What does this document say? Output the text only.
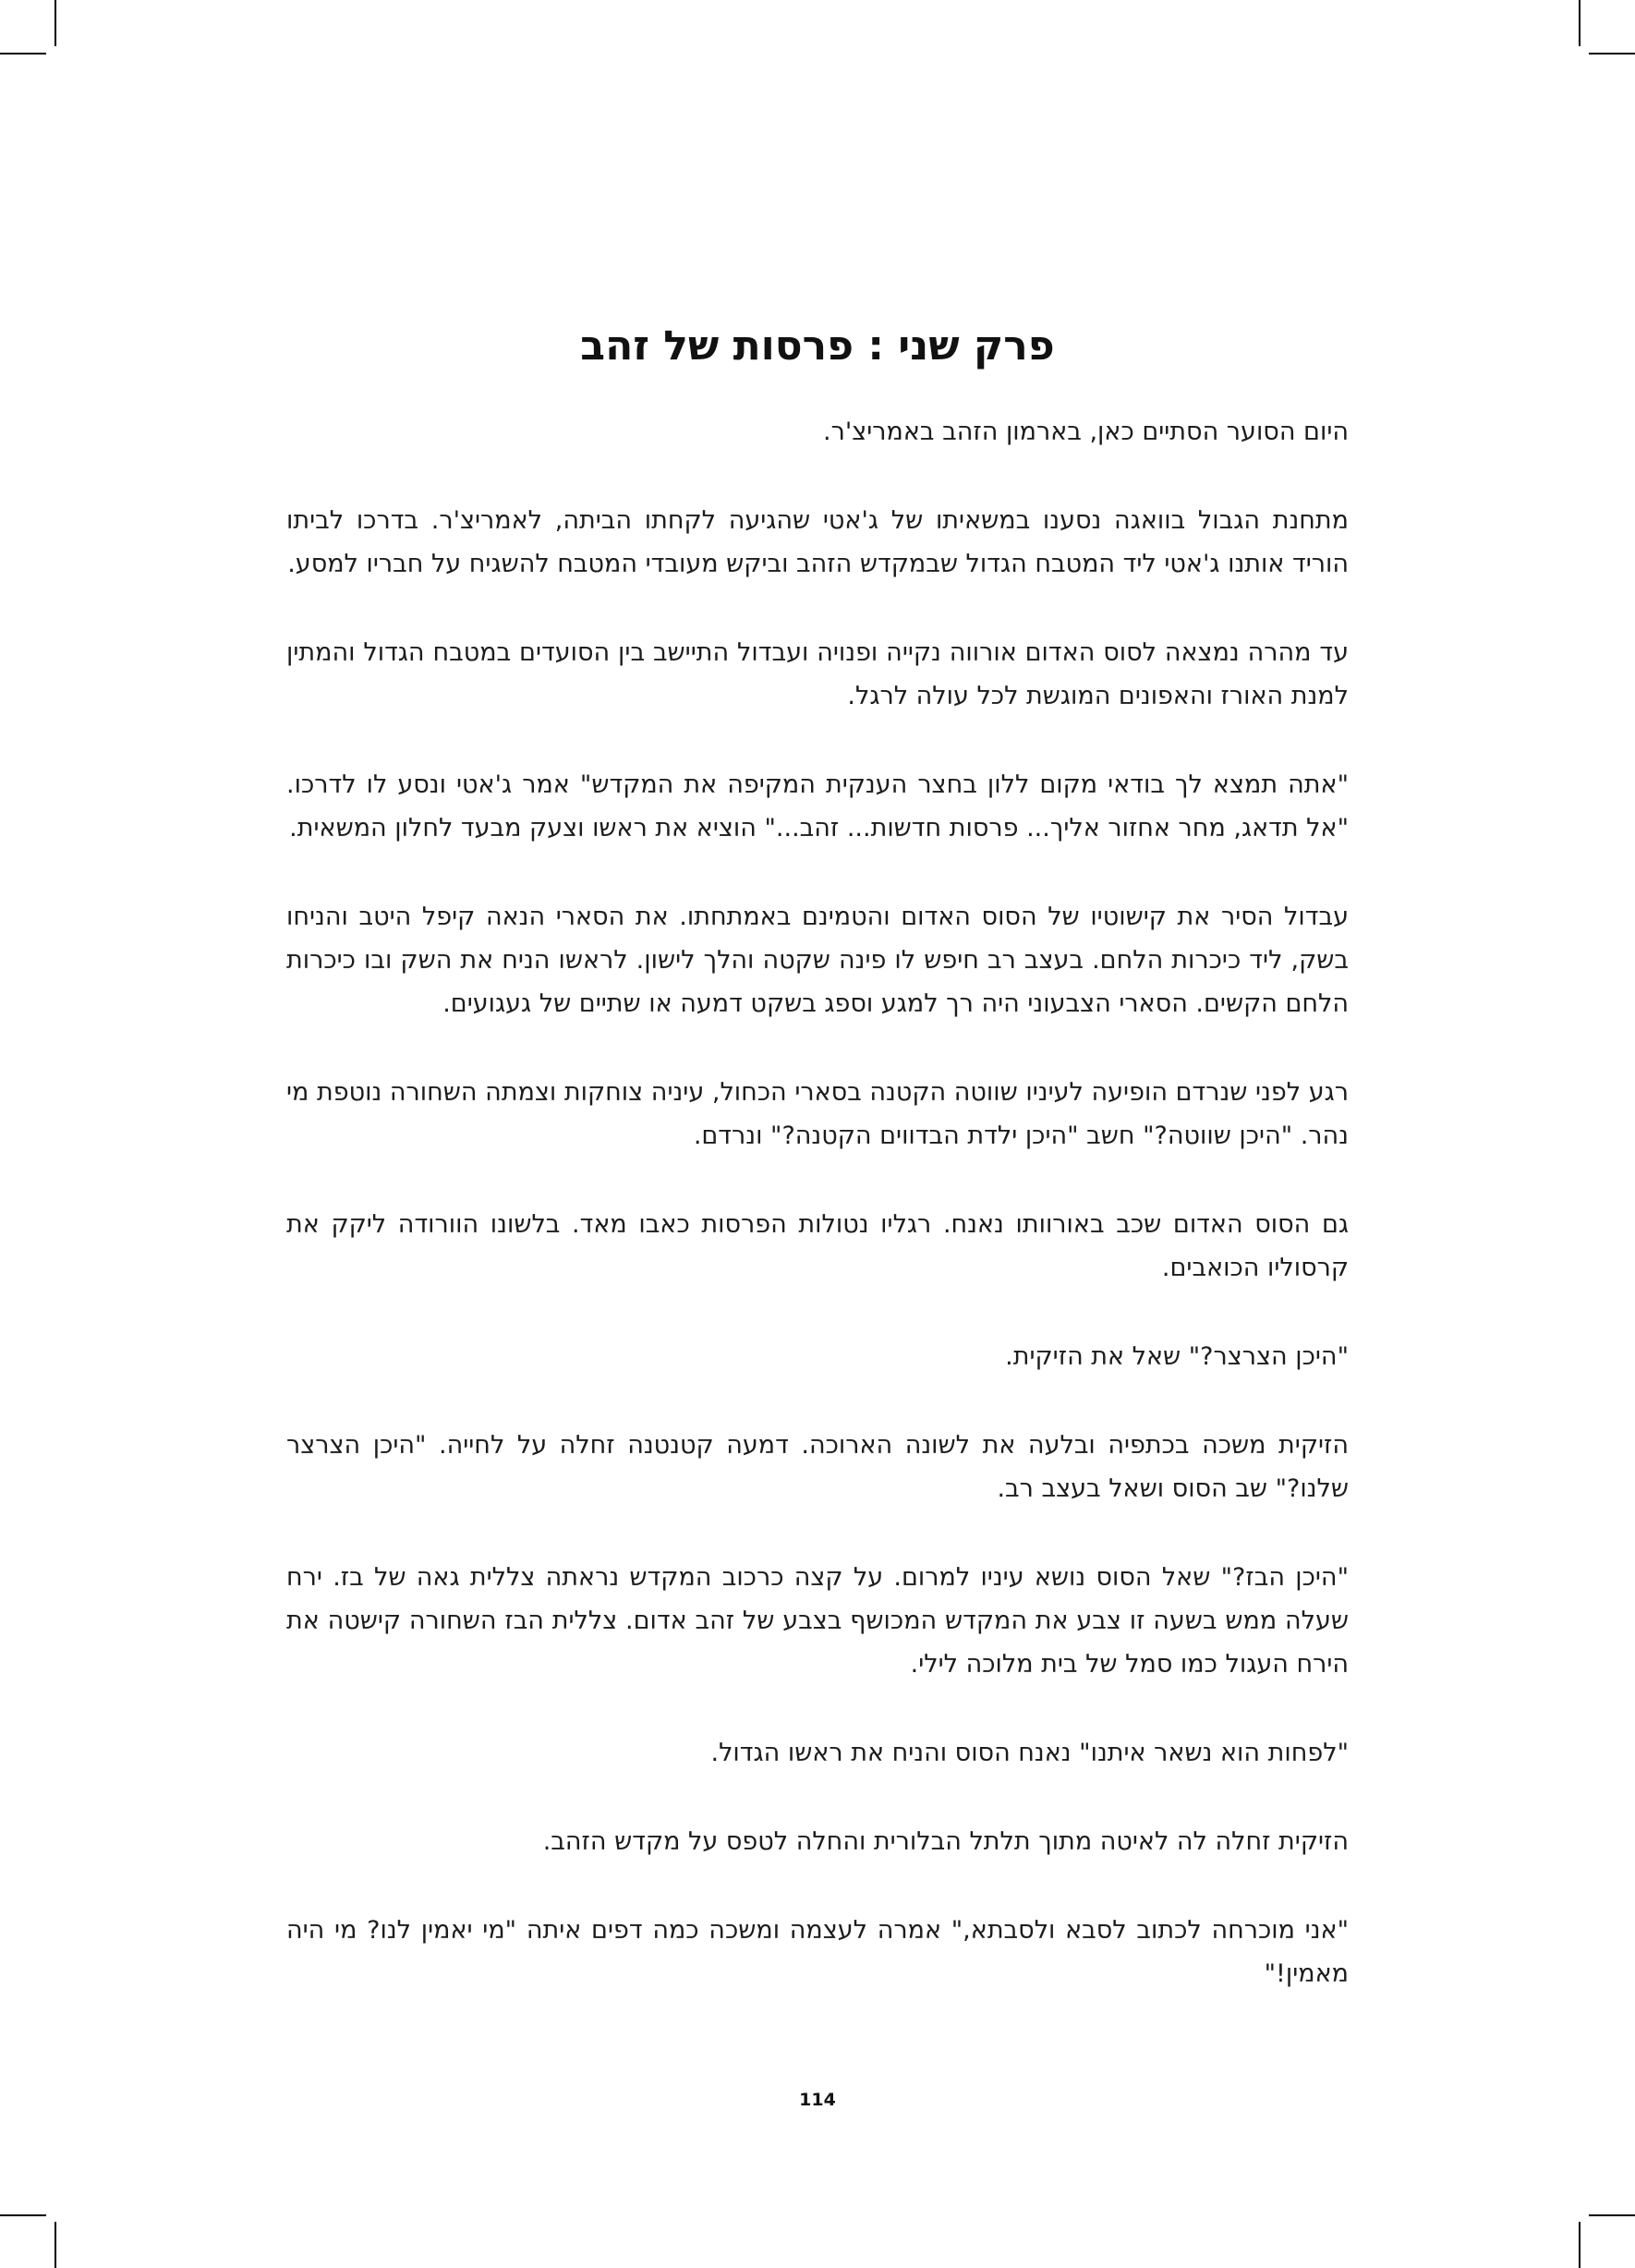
פרק שני : פרסות של זהב

היום הסוער הסתיים כאן, בארמון הזהב באמריצ'ר.

מתחנת הגבול בוואגה נסענו במשאיתו של ג'אטי שהגיעה לקחתו הביתה, לאמריצ'ר. בדרכו לביתו הוריד אותנו ג'אטי ליד המטבח הגדול שבמקדש הזהב וביקש מעובדי המטבח להשגיח על חבריו למסע.

עד מהרה נמצאה לסוס האדום אורווה נקייה ופנויה ועבדול התיישב בין הסועדים במטבח הגדול והמתין למנת האורז והאפונים המוגשת לכל עולה לרגל.

"אתה תמצא לך בודאי מקום ללון בחצר הענקית המקיפה את המקדש" אמר ג'אטי ונסע לו לדרכו. "אל תדאג, מחר אחזור אליך... פרסות חדשות... זהב..." הוציא את ראשו וצעק מבעד לחלון המשאית.

עבדול הסיר את קישוטיו של הסוס האדום והטמינם באמתחתו. את הסארי הנאה קיפל היטב והניחו בשק, ליד כיכרות הלחם. בעצב רב חיפש לו פינה שקטה והלך לישון. לראשו הניח את השק ובו כיכרות הלחם הקשים. הסארי הצבעוני היה רך למגע וספג בשקט דמעה או שתיים של געגועים.

רגע לפני שנרדם הופיעה לעיניו שווטה הקטנה בסארי הכחול, עיניה צוחקות וצמתה השחורה נוטפת מי נהר. "היכן שווטה?" חשב "היכן ילדת הבדווים הקטנה?" ונרדם.

גם הסוס האדום שכב באורוותו נאנח. רגליו נטולות הפרסות כאבו מאד. בלשונו הוורודה ליקק את קרסוליו הכואבים.

"היכן הצרצר?" שאל את הזיקית.

הזיקית משכה בכתפיה ובלעה את לשונה הארוכה. דמעה קטנטנה זחלה על לחייה. "היכן הצרצר שלנו?" שב הסוס ושאל בעצב רב.

"היכן הבז?" שאל הסוס נושא עיניו למרום. על קצה כרכוב המקדש נראתה צללית גאה של בז. ירח שעלה ממש בשעה זו צבע את המקדש המכושף בצבע של זהב אדום. צללית הבז השחורה קישטה את הירח העגול כמו סמל של בית מלוכה לילי.

"לפחות הוא נשאר איתנו" נאנח הסוס והניח את ראשו הגדול.

הזיקית זחלה לה לאיטה מתוך תלתל הבלורית והחלה לטפס על מקדש הזהב.

"אני מוכרחה לכתוב לסבא ולסבתא," אמרה לעצמה ומשכה כמה דפים איתה "מי יאמין לנו? מי היה מאמין!"

114
